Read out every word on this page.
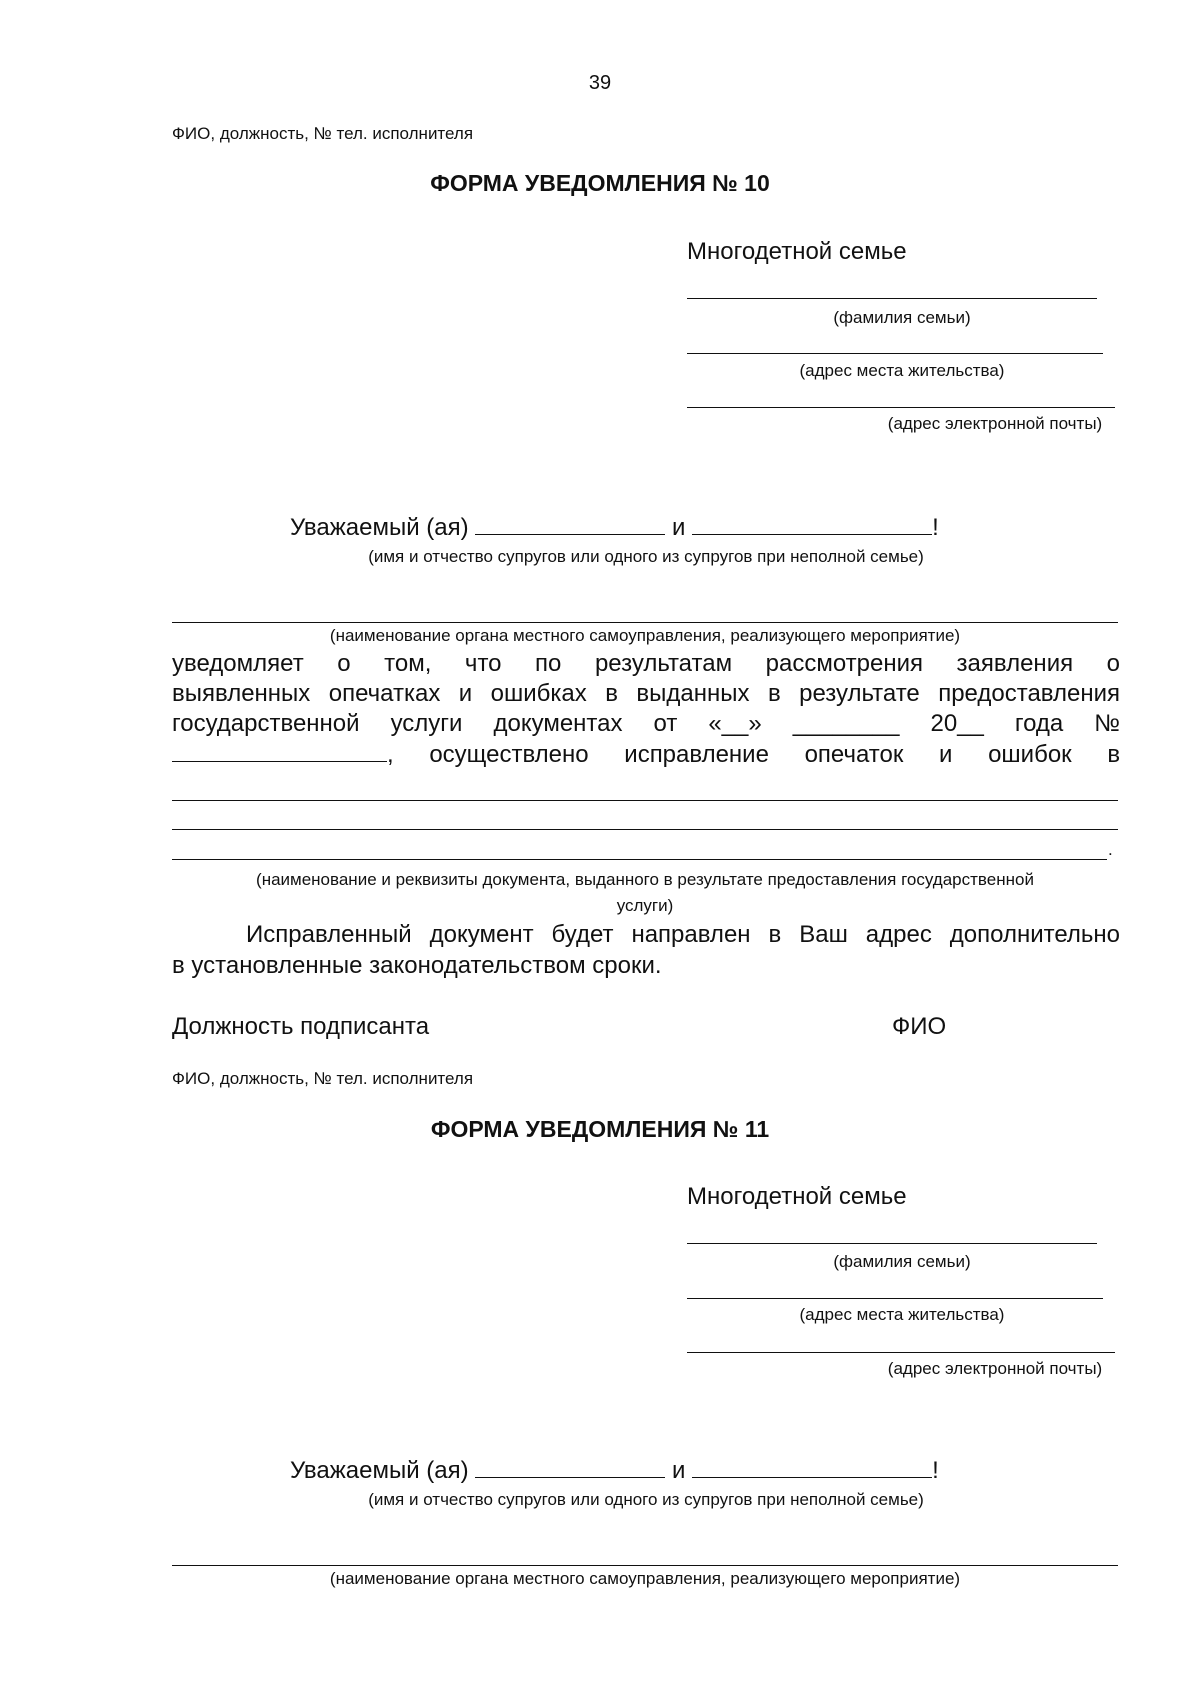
39
ФИО, должность, № тел. исполнителя
ФОРМА УВЕДОМЛЕНИЯ № 10
Многодетной семье
(фамилия семьи)
(адрес места жительства)
(адрес электронной почты)
Уважаемый (ая)	и	!
(имя и отчество супругов или одного из супругов при неполной семье)
(наименование органа местного самоуправления, реализующего мероприятие)
уведомляет о том, что по результатам рассмотрения заявления о
выявленных опечатках и ошибках в выданных в результате предоставления
государственной услуги документах от «__» ________ 20__ года №
, осуществлено исправление опечаток и ошибок в
.
(наименование и реквизиты документа, выданного в результате предоставления государственной
услуги)
Исправленный документ будет направлен в Ваш адрес дополнительно
в установленные законодательством сроки.
Должность подписанта	ФИО
ФИО, должность, № тел. исполнителя
ФОРМА УВЕДОМЛЕНИЯ № 11
Многодетной семье
(фамилия семьи)
(адрес места жительства)
(адрес электронной почты)
Уважаемый (ая)	и	!
(имя и отчество супругов или одного из супругов при неполной семье)
(наименование органа местного самоуправления, реализующего мероприятие)
